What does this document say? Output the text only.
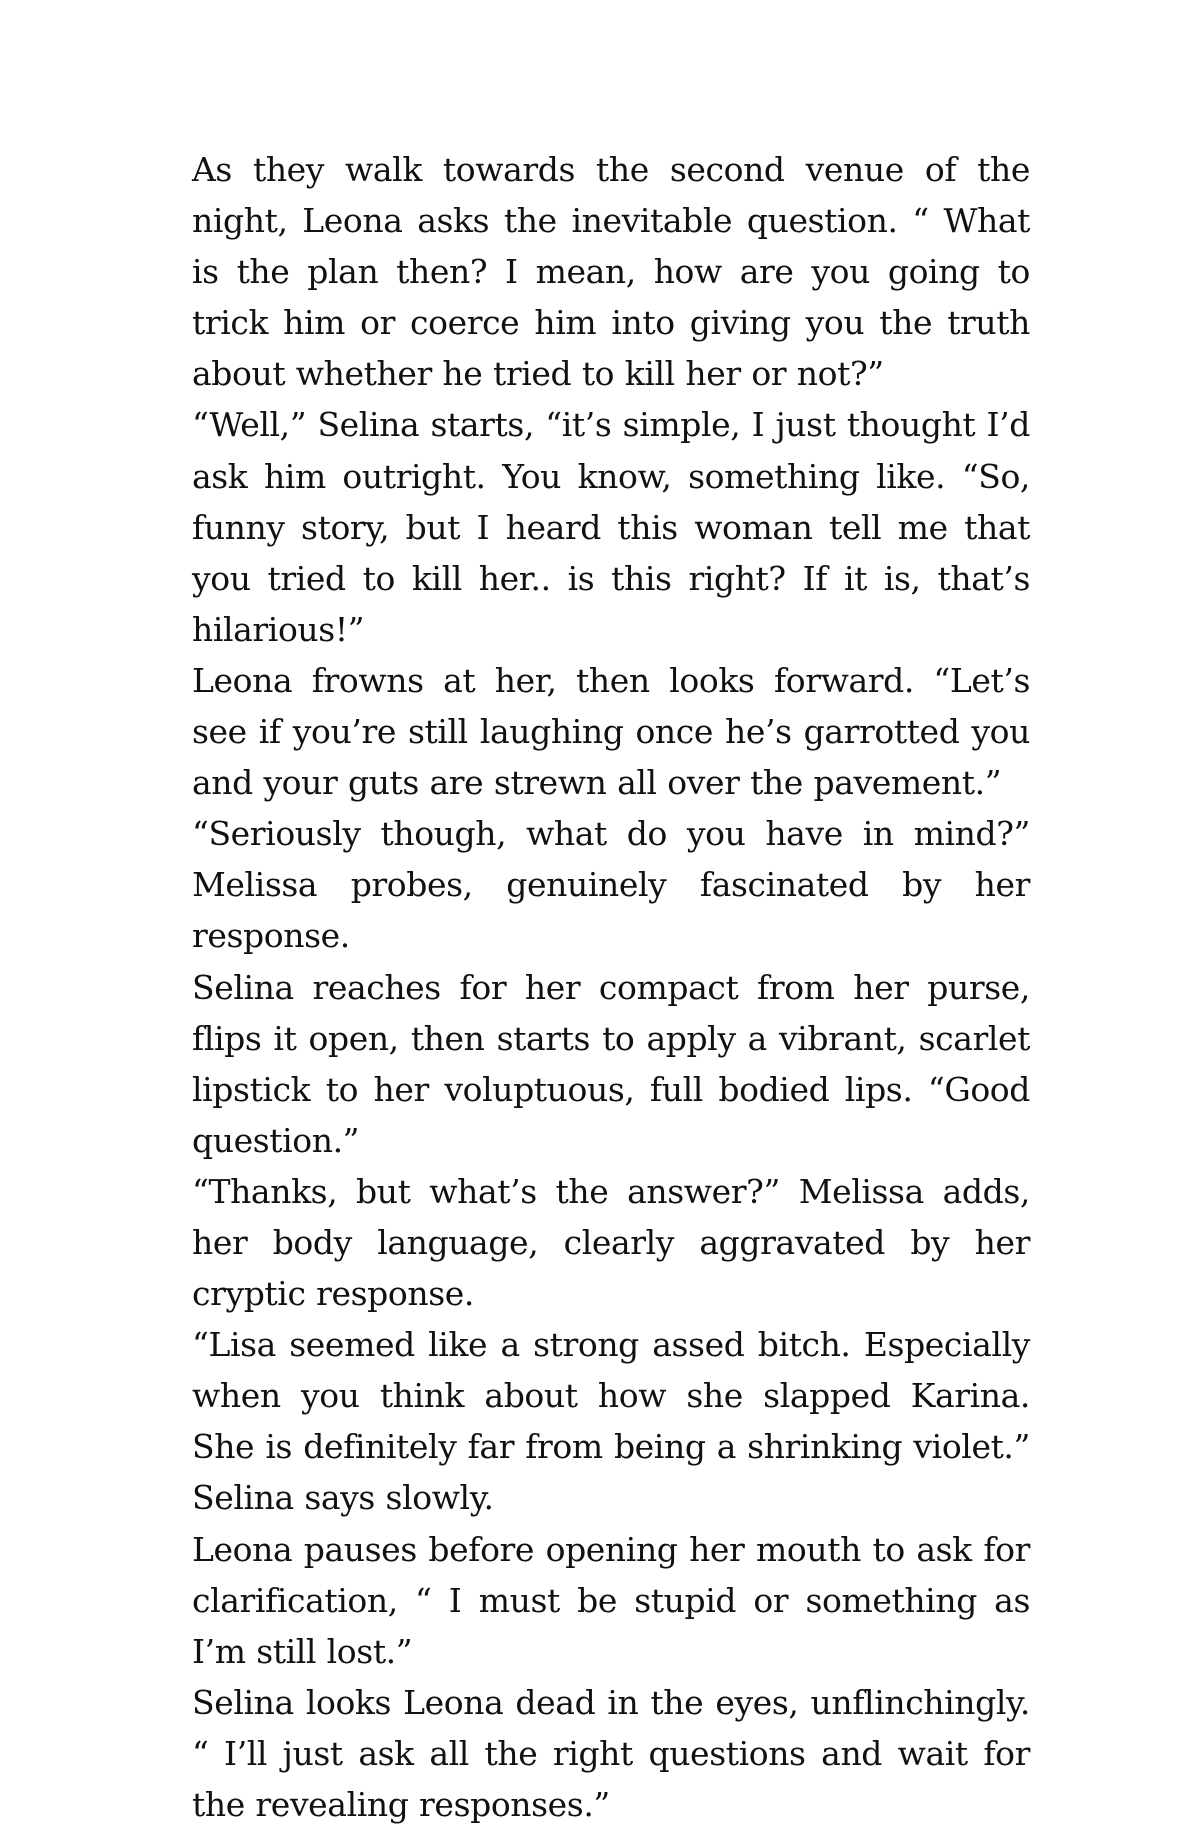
As they walk towards the second venue of the night, Leona asks the inevitable question. “ What is the plan then? I mean, how are you going to trick him or coerce him into giving you the truth about whether he tried to kill her or not?”

“Well,” Selina starts, “it’s simple, I just thought I’d ask him outright. You know, something like. “So, funny story, but I heard this woman tell me that you tried to kill her.. is this right? If it is, that’s hilarious!”

Leona frowns at her, then looks forward. “Let’s see if you’re still laughing once he’s garrotted you and your guts are strewn all over the pavement.”

“Seriously though, what do you have in mind?” Melissa probes, genuinely fascinated by her response.

Selina reaches for her compact from her purse, flips it open, then starts to apply a vibrant, scarlet lipstick to her voluptuous, full bodied lips. “Good question.”

“Thanks, but what’s the answer?” Melissa adds, her body language, clearly aggravated by her cryptic response.

“Lisa seemed like a strong assed bitch. Especially when you think about how she slapped Karina. She is definitely far from being a shrinking violet.” Selina says slowly.

Leona pauses before opening her mouth to ask for clarification, “ I must be stupid or something as I’m still lost.”

Selina looks Leona dead in the eyes, unflinchingly. “ I’ll just ask all the right questions and wait for the revealing responses.”
